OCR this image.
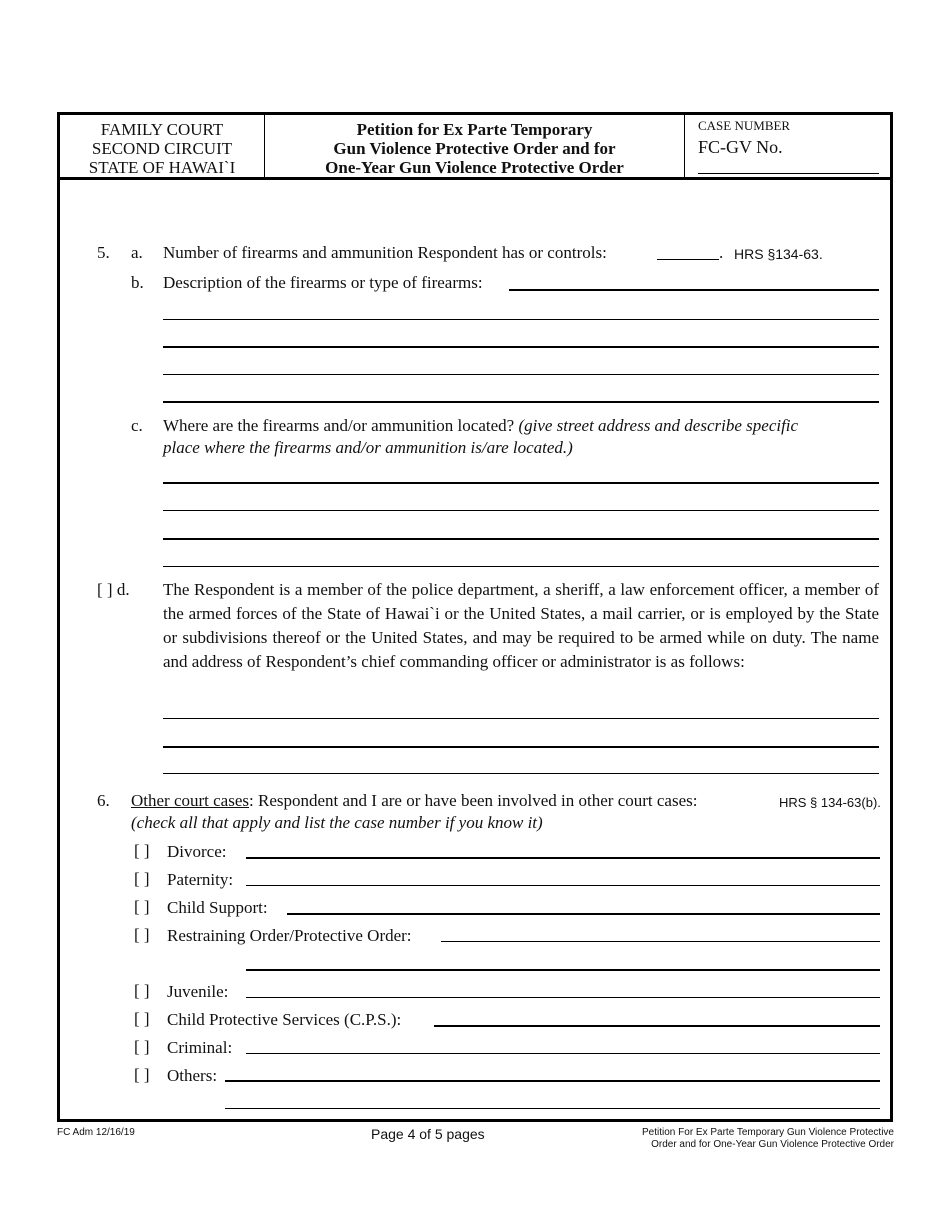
FAMILY COURT
SECOND CIRCUIT
STATE OF HAWAI`I
Petition for Ex Parte Temporary
Gun Violence Protective Order and for
One-Year Gun Violence Protective Order
CASE NUMBER
FC-GV No.
5. a. Number of firearms and ammunition Respondent has or controls:	. HRS §134-63.
b. Description of the firearms or type of firearms:
c. Where are the firearms and/or ammunition located? (give street address and describe specific
place where the firearms and/or ammunition is/are located.)
[ ] d. The Respondent is a member of the police department, a sheriff, a law enforcement officer, a member of the armed forces of the State of Hawai`i or the United States, a mail carrier, or is employed by the State or subdivisions thereof or the United States, and may be required to be armed while on duty. The name and address of Respondent’s chief commanding officer or administrator is as follows:
6. Other court cases: Respondent and I are or have been involved in other court cases:	HRS § 134-63(b).
(check all that apply and list the case number if you know it)
[ ] Divorce:
[ ] Paternity:
[ ] Child Support:
[ ] Restraining Order/Protective Order:
[ ] Juvenile:
[ ] Child Protective Services (C.P.S.):
[ ] Criminal:
[ ] Others:
FC Adm 12/16/19	Page 4 of 5 pages	Petition For Ex Parte Temporary Gun Violence Protective
Order and for One-Year Gun Violence Protective Order
